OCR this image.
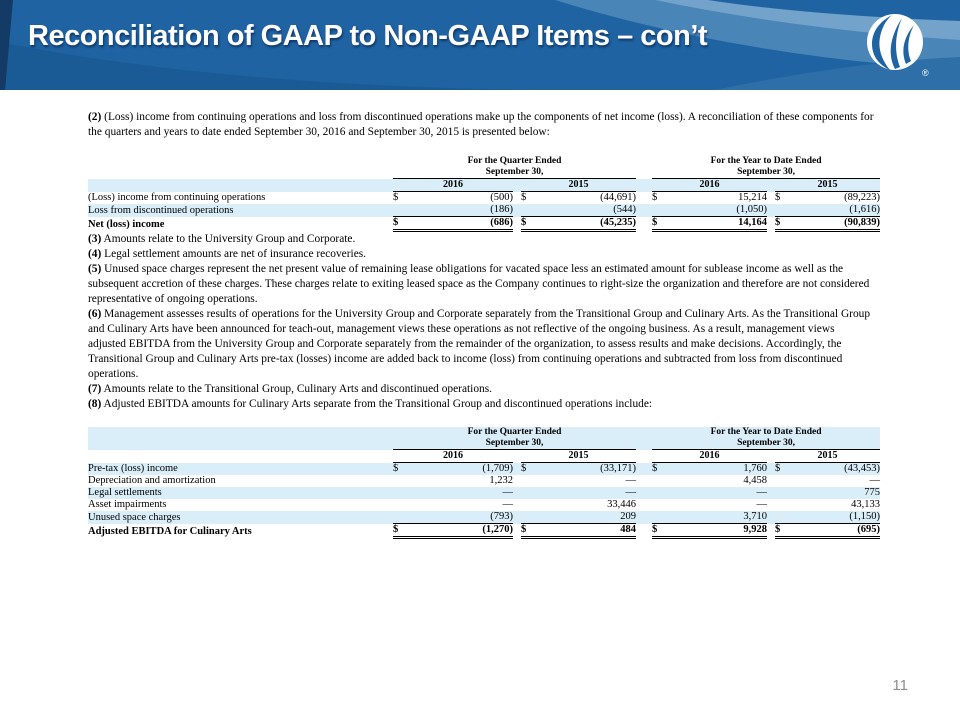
Reconciliation of GAAP to Non-GAAP Items – con’t
®

(2) (Loss) income from continuing operations and loss from discontinued operations make up the components of net income (loss). A reconciliation of these components for the quarters and years to date ended September 30, 2016 and September 30, 2015 is presented below:

For the Quarter Ended
September 30,

For the Year to Date Ended
September 30,

	2016		2015		2016		2015
(Loss) income from continuing operations	$ (500)		$ (44,691)		$ 15,214		$ (89,223)

Loss from discontinued operations	(186)		(544)		(1,050)		(1,616)

Net (loss) income	$ (686)		$ (45,235)		$ 14,164		$ (90,839)

(3) Amounts relate to the University Group and Corporate.

(4) Legal settlement amounts are net of insurance recoveries.

(5) Unused space charges represent the net present value of remaining lease obligations for vacated space less an estimated amount for sublease income as well as the subsequent accretion of these charges. These charges relate to exiting leased space as the Company continues to right-size the organization and therefore are not considered representative of ongoing operations.

(6) Management assesses results of operations for the University Group and Corporate separately from the Transitional Group and Culinary Arts. As the Transitional Group and Culinary Arts have been announced for teach-out, management views these operations as not reflective of the ongoing business. As a result, management views adjusted EBITDA from the University Group and Corporate separately from the remainder of the organization, to assess results and make decisions. Accordingly, the Transitional Group and Culinary Arts pre-tax (losses) income are added back to income (loss) from continuing operations and subtracted from loss from discontinued operations.

(7) Amounts relate to the Transitional Group, Culinary Arts and discontinued operations.

(8) Adjusted EBITDA amounts for Culinary Arts separate from the Transitional Group and discontinued operations include:

For the Quarter Ended
September 30,

For the Year to Date Ended
September 30,

	2016		2015		2016		2015
Pre-tax (loss) income	$ (1,709)		$ (33,171)		$ 1,760		$ (43,453)

Depreciation and amortization	1,232		—		4,458		—

Legal settlements	—		—		—		775

Asset impairments	—		33,446		—		43,133

Unused space charges	(793)		209		3,710		(1,150)

Adjusted EBITDA for Culinary Arts	$ (1,270)		$ 484		$ 9,928		$ (695)
11
